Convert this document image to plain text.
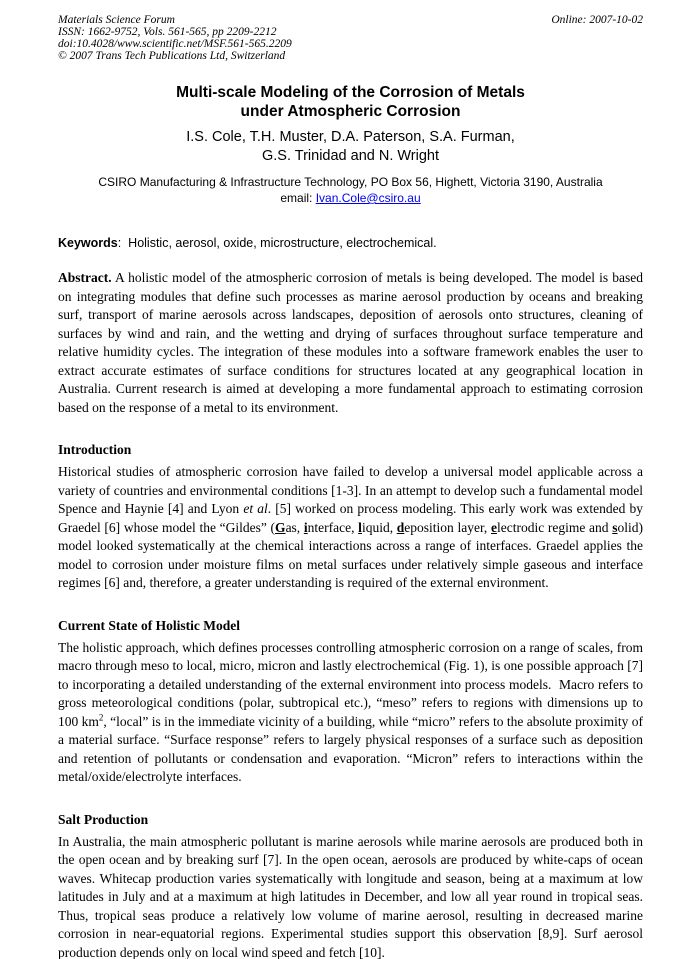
Materials Science Forum
ISSN: 1662-9752, Vols. 561-565, pp 2209-2212
doi:10.4028/www.scientific.net/MSF.561-565.2209
© 2007 Trans Tech Publications Ltd, Switzerland
Online: 2007-10-02
Multi-scale Modeling of the Corrosion of Metals
under Atmospheric Corrosion
I.S. Cole, T.H. Muster, D.A. Paterson, S.A. Furman,
G.S. Trinidad and N. Wright
CSIRO Manufacturing & Infrastructure Technology, PO Box 56, Highett, Victoria 3190, Australia
email: Ivan.Cole@csiro.au
Keywords:  Holistic, aerosol, oxide, microstructure, electrochemical.

Abstract. A holistic model of the atmospheric corrosion of metals is being developed. The model is based on integrating modules that define such processes as marine aerosol production by oceans and breaking surf, transport of marine aerosols across landscapes, deposition of aerosols onto structures, cleaning of surfaces by wind and rain, and the wetting and drying of surfaces throughout surface temperature and relative humidity cycles. The integration of these modules into a software framework enables the user to extract accurate estimates of surface conditions for structures located at any geographical location in Australia. Current research is aimed at developing a more fundamental approach to estimating corrosion based on the response of a metal to its environment.

Introduction

Historical studies of atmospheric corrosion have failed to develop a universal model applicable across a variety of countries and environmental conditions [1-3]. In an attempt to develop such a fundamental model Spence and Haynie [4] and Lyon et al. [5] worked on process modeling. This early work was extended by Graedel [6] whose model the “Gildes” (Gas, interface, liquid, deposition layer, electrodic regime and solid) model looked systematically at the chemical interactions across a range of interfaces. Graedel applies the model to corrosion under moisture films on metal surfaces under relatively simple gaseous and interface regimes [6] and, therefore, a greater understanding is required of the external environment.

Current State of Holistic Model

The holistic approach, which defines processes controlling atmospheric corrosion on a range of scales, from macro through meso to local, micro, micron and lastly electrochemical (Fig. 1), is one possible approach [7] to incorporating a detailed understanding of the external environment into process models.  Macro refers to gross meteorological conditions (polar, subtropical etc.), “meso” refers to regions with dimensions up to 100 $km^2$, “local” is in the immediate vicinity of a building, while “micro” refers to the absolute proximity of a material surface. “Surface response” refers to largely physical responses of a surface such as deposition and retention of pollutants or condensation and evaporation. “Micron” refers to interactions within the metal/oxide/electrolyte interfaces.

Salt Production

In Australia, the main atmospheric pollutant is marine aerosols while marine aerosols are produced both in the open ocean and by breaking surf [7]. In the open ocean, aerosols are produced by white-caps of ocean waves. Whitecap production varies systematically with longitude and season, being at a maximum at low latitudes in July and at a maximum at high latitudes in December, and low all year round in tropical seas. Thus, tropical seas produce a relatively low volume of marine aerosol, resulting in decreased marine corrosion in near-equatorial regions. Experimental studies support this observation [8,9]. Surf aerosol production depends only on local wind speed and fetch [10].
